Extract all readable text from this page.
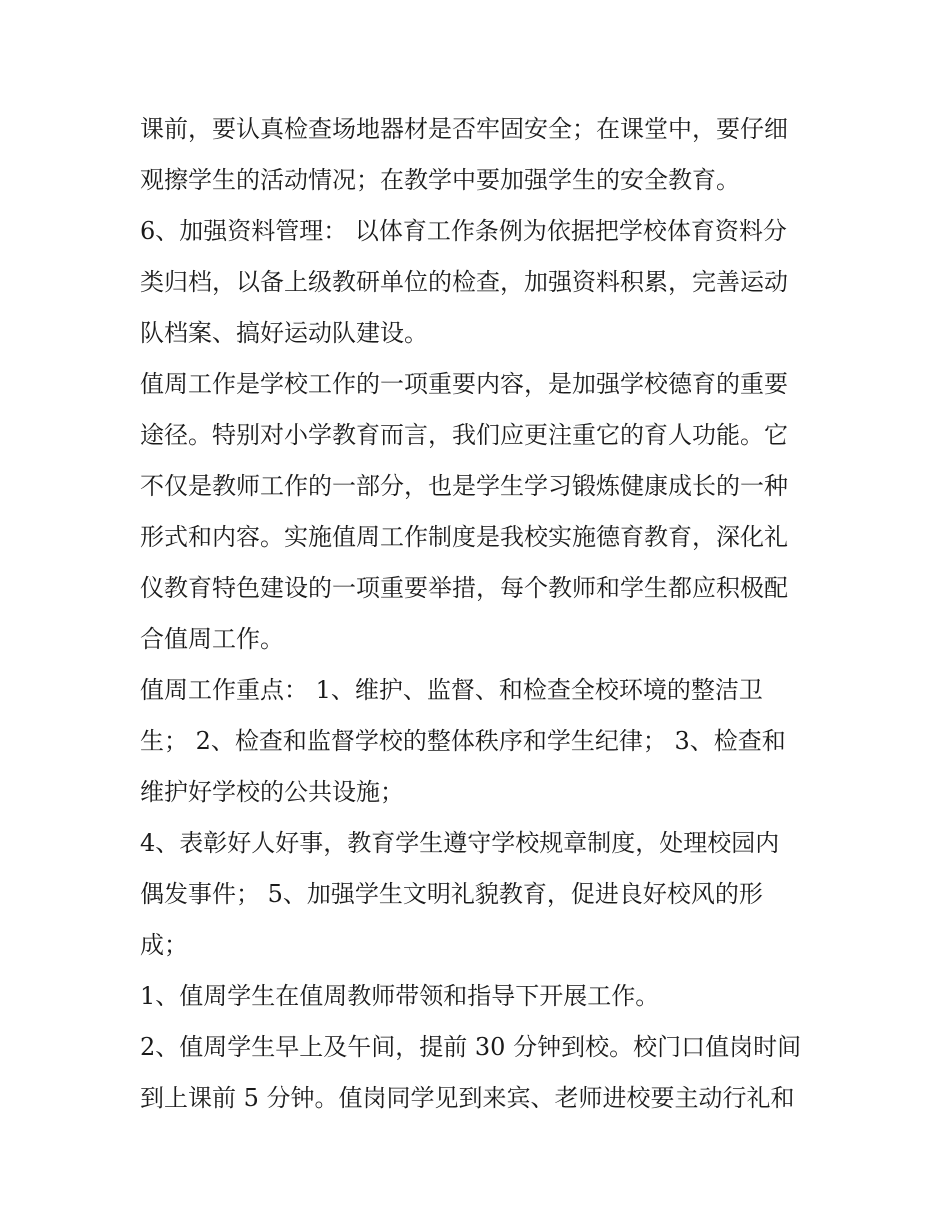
课前，要认真检查场地器材是否牢固安全；在课堂中，要仔细
观擦学生的活动情况；在教学中要加强学生的安全教育。
6、加强资料管理： 以体育工作条例为依据把学校体育资料分
类归档，以备上级教研单位的检查，加强资料积累，完善运动
队档案、搞好运动队建设。
值周工作是学校工作的一项重要内容，是加强学校德育的重要
途径。特别对小学教育而言，我们应更注重它的育人功能。它
不仅是教师工作的一部分，也是学生学习锻炼健康成长的一种
形式和内容。实施值周工作制度是我校实施德育教育，深化礼
仪教育特色建设的一项重要举措，每个教师和学生都应积极配
合值周工作。
值周工作重点： 1、维护、监督、和检查全校环境的整洁卫
生； 2、检查和监督学校的整体秩序和学生纪律； 3、检查和
维护好学校的公共设施；
4、表彰好人好事，教育学生遵守学校规章制度，处理校园内
偶发事件； 5、加强学生文明礼貌教育，促进良好校风的形
成；
1、值周学生在值周教师带领和指导下开展工作。
2、值周学生早上及午间，提前 30 分钟到校。校门口值岗时间
到上课前 5 分钟。值岗同学见到来宾、老师进校要主动行礼和
